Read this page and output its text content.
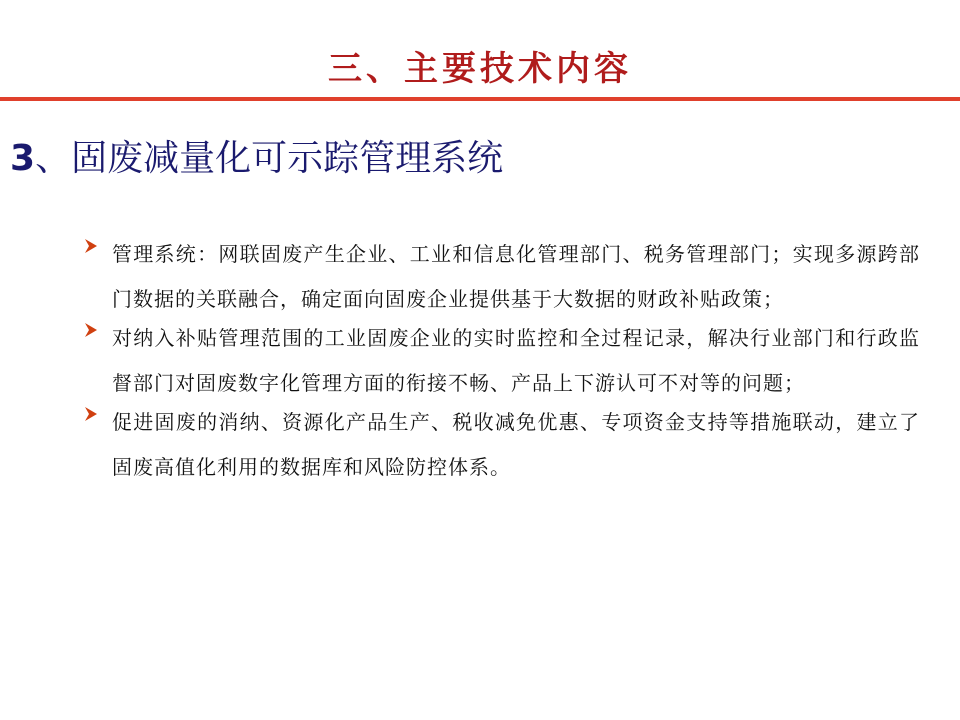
三、主要技术内容
3、固废减量化可示踪管理系统
管理系统：网联固废产生企业、工业和信息化管理部门、税务管理部门；实现多源跨部门数据的关联融合，确定面向固废企业提供基于大数据的财政补贴政策；
对纳入补贴管理范围的工业固废企业的实时监控和全过程记录，解决行业部门和行政监督部门对固废数字化管理方面的衔接不畅、产品上下游认可不对等的问题；
促进固废的消纳、资源化产品生产、税收减免优惠、专项资金支持等措施联动，建立了固废高值化利用的数据库和风险防控体系。
